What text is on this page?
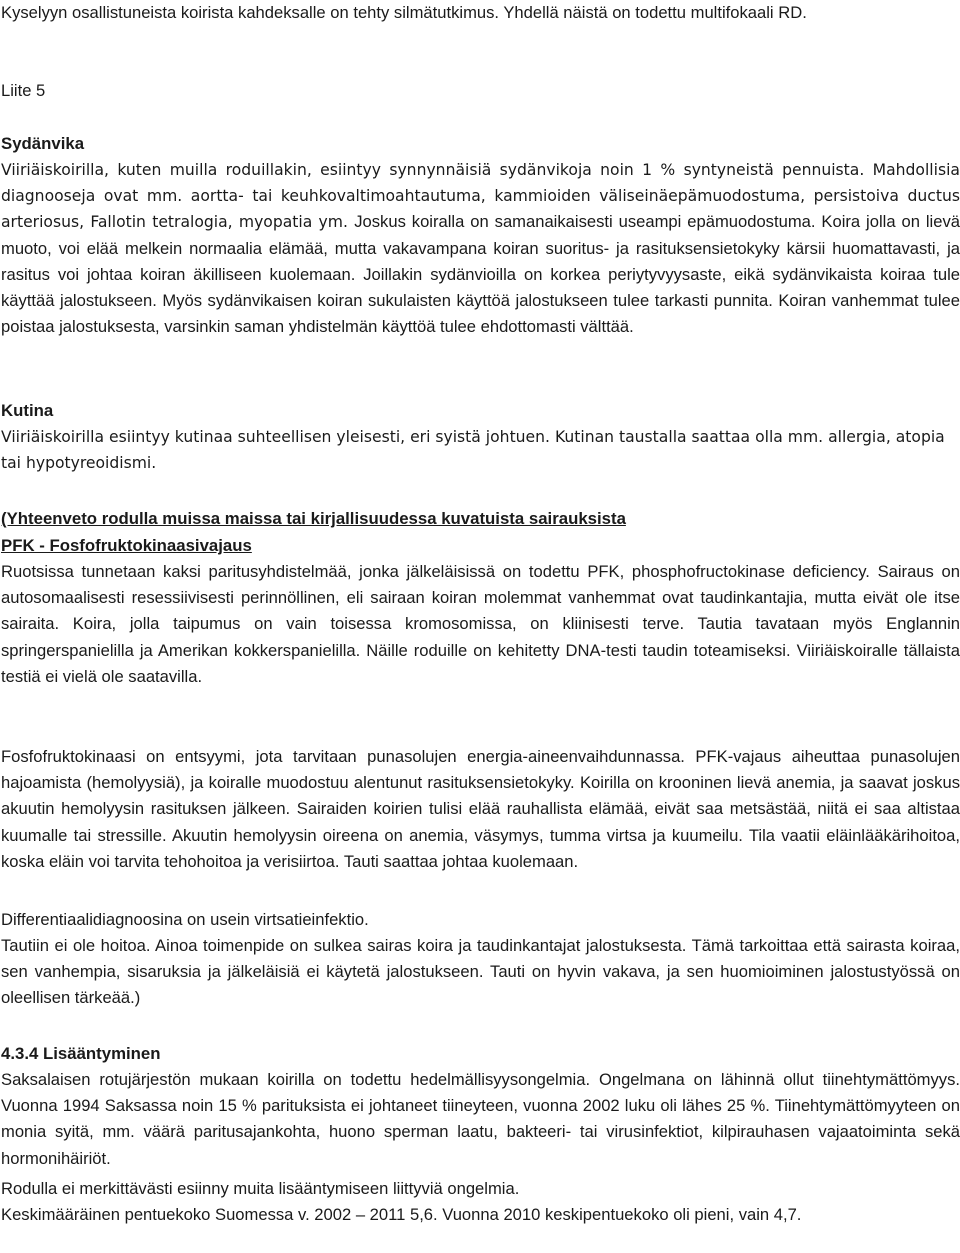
Kyselyyn osallistuneista koirista kahdeksalle on tehty silmätutkimus. Yhdellä näistä on todettu multifokaali RD.

Liite 5

Sydänvika

Viiriäiskoirilla, kuten muilla roduillakin, esiintyy synnynnäisiä sydänvikoja noin 1 % syntyneistä pennuista. Mahdollisia diagnooseja ovat mm. aortta- tai keuhkovaltimoahtautuma, kammioiden väliseinäepämuodostuma, persistoiva ductus arteriosus, Fallotin tetralogia, myopatia ym. Joskus koiralla on samanaikaisesti useampi epämuodostuma. Koira jolla on lievä muoto, voi elää melkein normaalia elämää, mutta vakavampana koiran suoritus- ja rasituksensietokyky kärsii huomattavasti, ja rasitus voi johtaa koiran äkilliseen kuolemaan. Joillakin sydänvioilla on korkea periytyvyysaste, eikä sydänvikaista koiraa tule käyttää jalostukseen. Myös sydänvikaisen koiran sukulaisten käyttöä jalostukseen tulee tarkasti punnita. Koiran vanhemmat tulee poistaa jalostuksesta, varsinkin saman yhdistelmän käyttöä tulee ehdottomasti välttää.

Kutina

Viiriäiskoirilla esiintyy kutinaa suhteellisen yleisesti, eri syistä johtuen. Kutinan taustalla saattaa olla mm. allergia, atopia tai hypotyreoidismi.

(Yhteenveto rodulla muissa maissa tai kirjallisuudessa kuvatuista sairauksista

PFK - Fosfofruktokinaasivajaus

Ruotsissa tunnetaan kaksi paritusyhdistelmää, jonka jälkeläisissä on todettu PFK, phosphofructokinase deficiency. Sairaus on autosomaalisesti resessiivisesti perinnöllinen, eli sairaan koiran molemmat vanhemmat ovat taudinkantajia, mutta eivät ole itse sairaita. Koira, jolla taipumus on vain toisessa kromosomissa, on kliinisesti terve. Tautia tavataan myös Englannin springerspanielilla ja Amerikan kokkerspanielilla. Näille roduille on kehitetty DNA-testi taudin toteamiseksi. Viiriäiskoiralle tällaista testiä ei vielä ole saatavilla.

Fosfofruktokinaasi on entsyymi, jota tarvitaan punasolujen energia-aineenvaihdunnassa. PFK-vajaus aiheuttaa punasolujen hajoamista (hemolyysiä), ja koiralle muodostuu alentunut rasituksensietokyky. Koirilla on krooninen lievä anemia, ja saavat joskus akuutin hemolyysin rasituksen jälkeen. Sairaiden koirien tulisi elää rauhallista elämää, eivät saa metsästää, niitä ei saa altistaa kuumalle tai stressille. Akuutin hemolyysin oireena on anemia, väsymys, tumma virtsa ja kuumeilu. Tila vaatii eläinlääkärihoitoa, koska eläin voi tarvita tehohoitoa ja verisiirtoa. Tauti saattaa johtaa kuolemaan.

Differentiaalidiagnoosina on usein virtsatieinfektio.

Tautiin ei ole hoitoa. Ainoa toimenpide on sulkea sairas koira ja taudinkantajat jalostuksesta. Tämä tarkoittaa että sairasta koiraa, sen vanhempia, sisaruksia ja jälkeläisiä ei käytetä jalostukseen. Tauti on hyvin vakava, ja sen huomioiminen jalostustyössä on oleellisen tärkeää.)

4.3.4 Lisääntyminen

Saksalaisen rotujärjestön mukaan koirilla on todettu hedelmällisyysongelmia. Ongelmana on lähinnä ollut tiinehtymättömyys. Vuonna 1994 Saksassa noin 15 % parituksista ei johtaneet tiineyteen, vuonna 2002 luku oli lähes 25 %. Tiinehtymättömyyteen on monia syitä, mm. väärä paritusajankohta, huono sperman laatu, bakteeri- tai virusinfektiot, kilpirauhasen vajaatoiminta sekä hormonihäiriöt.

Rodulla ei merkittävästi esiinny muita lisääntymiseen liittyviä ongelmia.

Keskimääräinen pentuekoko Suomessa v. 2002 – 2011 5,6. Vuonna 2010 keskipentuekoko oli pieni, vain 4,7.
